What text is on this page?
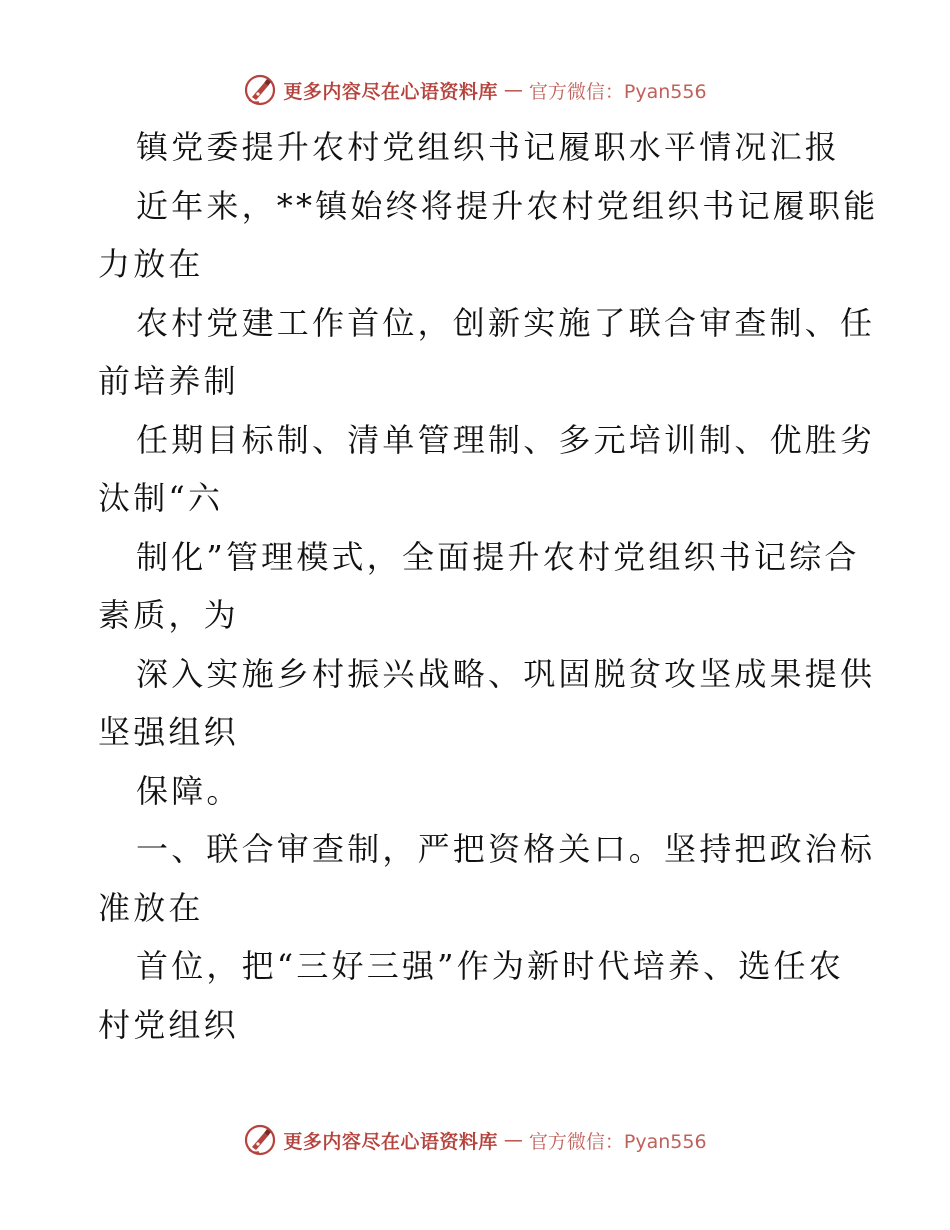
更多内容尽在心语资料库 — 官方微信：Pyan556
镇党委提升农村党组织书记履职水平情况汇报
近年来，**镇始终将提升农村党组织书记履职能
力放在
农村党建工作首位，创新实施了联合审查制、任
前培养制
任期目标制、清单管理制、多元培训制、优胜劣
汰制“六
制化”管理模式，全面提升农村党组织书记综合
素质，为
深入实施乡村振兴战略、巩固脱贫攻坚成果提供
坚强组织
保障。
一、联合审查制，严把资格关口。坚持把政治标
准放在
首位，把“三好三强”作为新时代培养、选任农
村党组织
更多内容尽在心语资料库 — 官方微信：Pyan556
